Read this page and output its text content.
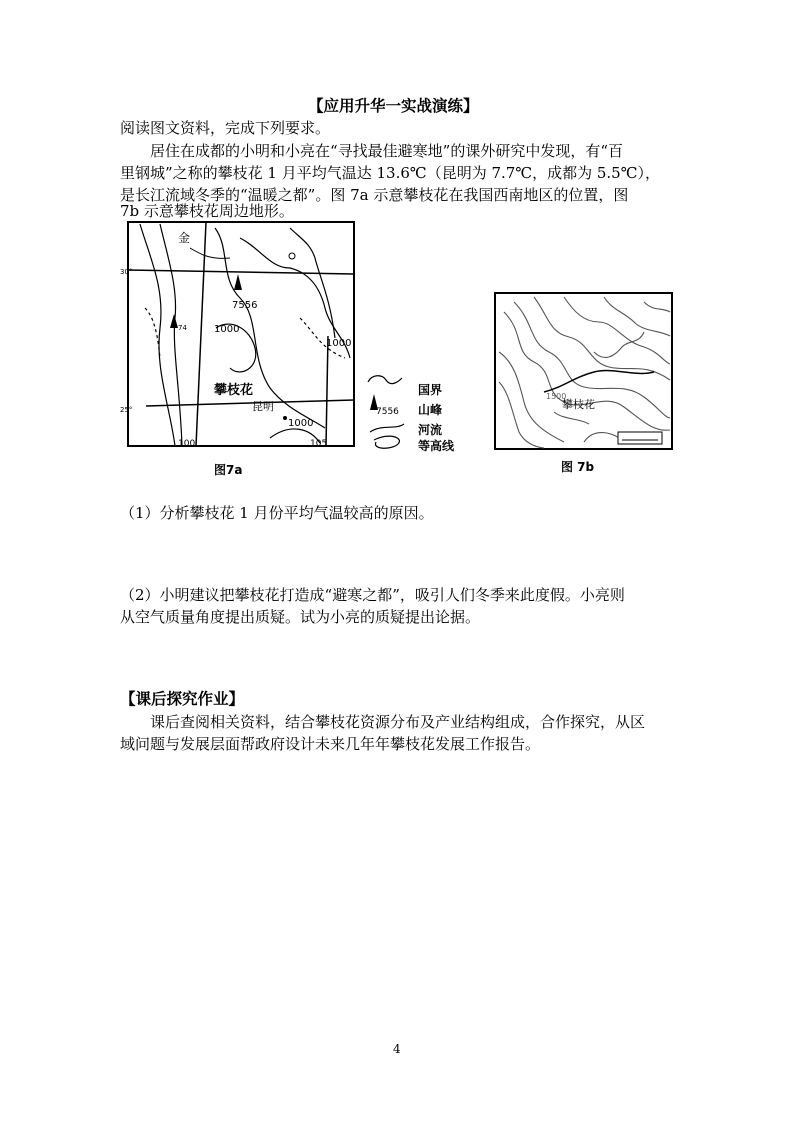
【应用升华一实战演练】
阅读图文资料，完成下列要求。
居住在成都的小明和小亮在“寻找最佳避寒地”的课外研究中发现，有“百
里钢城”之称的攀枝花 1 月平均气温达 13.6℃（昆明为 7.7℃，成都为 5.5℃），
是长江流域冬季的“温暖之都”。图 7a 示意攀枝花在我国西南地区的位置，图
7b 示意攀枝花周边地形。
金
7556
1000
1000
1000
攀枝花
昆明
100	105
30°
25°
74
国界
7556 山峰
河流
等高线
图7a
1500
攀枝花
图 7b
（1）分析攀枝花 1 月份平均气温较高的原因。
（2）小明建议把攀枝花打造成“避寒之都”，吸引人们冬季来此度假。小亮则
从空气质量角度提出质疑。试为小亮的质疑提出论据。
【课后探究作业】
课后查阅相关资料，结合攀枝花资源分布及产业结构组成，合作探究，从区
域问题与发展层面帮政府设计未来几年年攀枝花发展工作报告。
4
